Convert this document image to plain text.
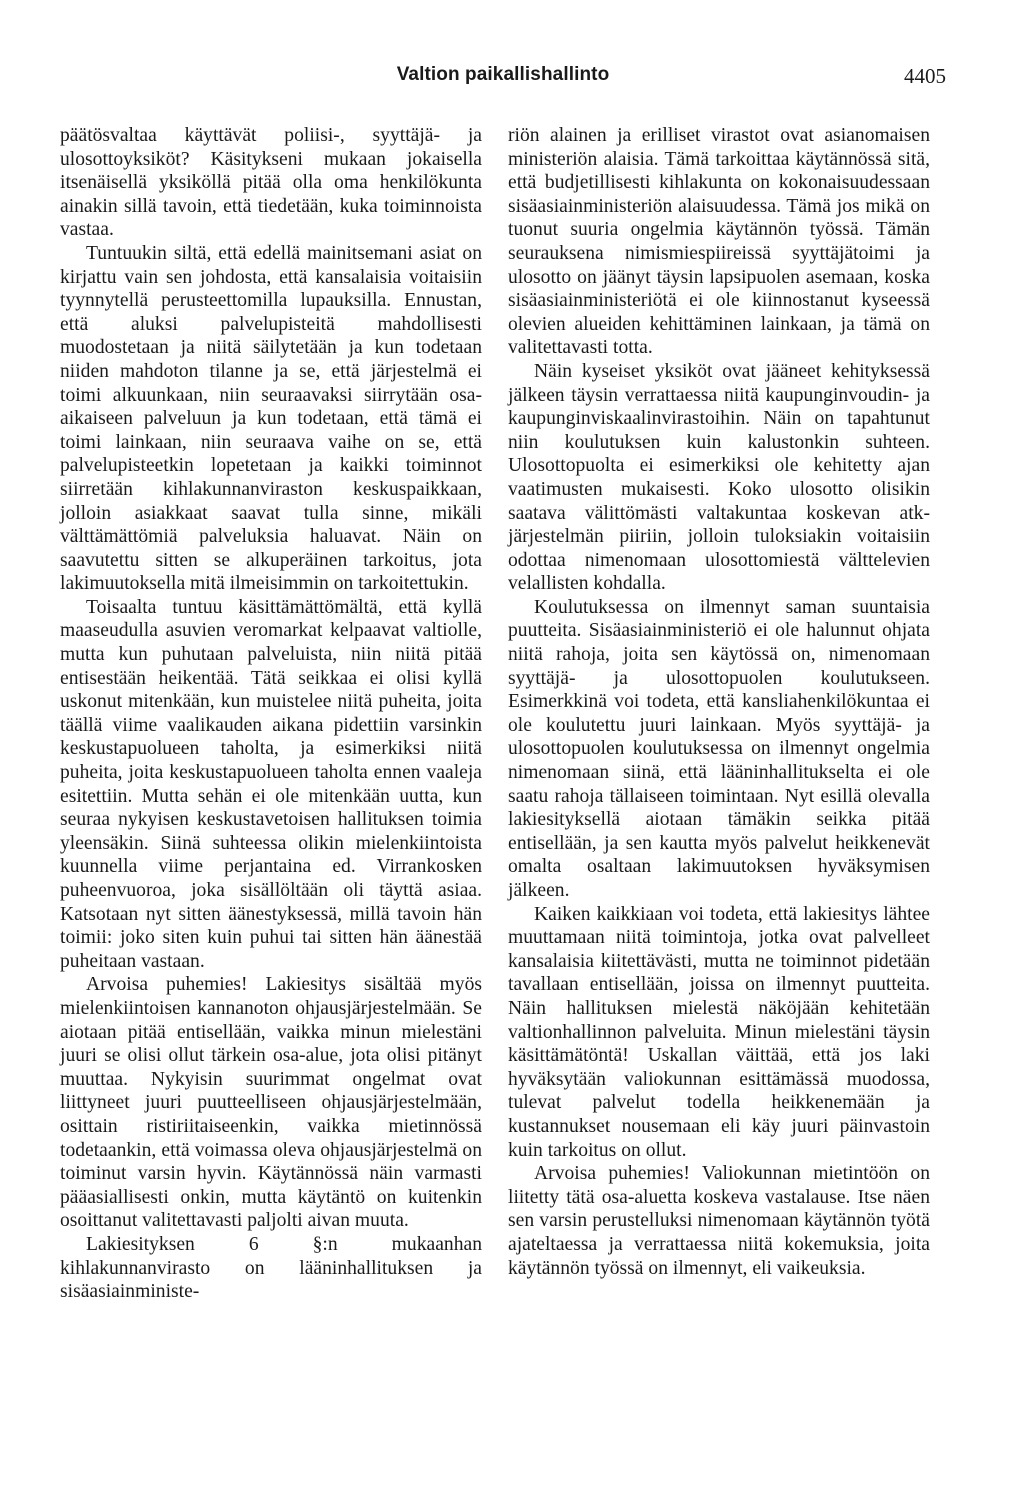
Valtion paikallishallinto	4405

päätösvaltaa käyttävät poliisi-, syyttäjä- ja ulosottoyksiköt? Käsitykseni mukaan jokaisella itsenäisellä yksiköllä pitää olla oma henkilökunta ainakin sillä tavoin, että tiedetään, kuka toiminnoista vastaa.

Tuntuukin siltä, että edellä mainitsemani asiat on kirjattu vain sen johdosta, että kansalaisia voitaisiin tyynnytellä perusteettomilla lupauksilla. Ennustan, että aluksi palvelupisteitä mahdollisesti muodostetaan ja niitä säilytetään ja kun todetaan niiden mahdoton tilanne ja se, että järjestelmä ei toimi alkuunkaan, niin seuraavaksi siirrytään osa-aikaiseen palveluun ja kun todetaan, että tämä ei toimi lainkaan, niin seuraava vaihe on se, että palvelupisteetkin lopetetaan ja kaikki toiminnot siirretään kihlakunnanviraston keskuspaikkaan, jolloin asiakkaat saavat tulla sinne, mikäli välttämättömiä palveluksia haluavat. Näin on saavutettu sitten se alkuperäinen tarkoitus, jota lakimuutoksella mitä ilmeisimmin on tarkoitettukin.

Toisaalta tuntuu käsittämättömältä, että kyllä maaseudulla asuvien veromarkat kelpaavat valtiolle, mutta kun puhutaan palveluista, niin niitä pitää entisestään heikentää. Tätä seikkaa ei olisi kyllä uskonut mitenkään, kun muistelee niitä puheita, joita täällä viime vaalikauden aikana pidettiin varsinkin keskustapuolueen taholta, ja esimerkiksi niitä puheita, joita keskustapuolueen taholta ennen vaaleja esitettiin. Mutta sehän ei ole mitenkään uutta, kun seuraa nykyisen keskustavetoisen hallituksen toimia yleensäkin. Siinä suhteessa olikin mielenkiintoista kuunnella viime perjantaina ed. Virrankosken puheenvuoroa, joka sisällöltään oli täyttä asiaa. Katsotaan nyt sitten äänestyksessä, millä tavoin hän toimii: joko siten kuin puhui tai sitten hän äänestää puheitaan vastaan.

Arvoisa puhemies! Lakiesitys sisältää myös mielenkiintoisen kannanoton ohjausjärjestelmään. Se aiotaan pitää entisellään, vaikka minun mielestäni juuri se olisi ollut tärkein osa-alue, jota olisi pitänyt muuttaa. Nykyisin suurimmat ongelmat ovat liittyneet juuri puutteelliseen ohjausjärjestelmään, osittain ristiriitaiseenkin, vaikka mietinnössä todetaankin, että voimassa oleva ohjausjärjestelmä on toiminut varsin hyvin. Käytännössä näin varmasti pääasiallisesti onkin, mutta käytäntö on kuitenkin osoittanut valitettavasti paljolti aivan muuta.

Lakiesityksen 6 §:n mukaanhan kihlakunnanvirasto on lääninhallituksen ja sisäasiainministe-

riön alainen ja erilliset virastot ovat asianomaisen ministeriön alaisia. Tämä tarkoittaa käytännössä sitä, että budjetillisesti kihlakunta on kokonaisuudessaan sisäasiainministeriön alaisuudessa. Tämä jos mikä on tuonut suuria ongelmia käytännön työssä. Tämän seurauksena nimismiespiireissä syyttäjätoimi ja ulosotto on jäänyt täysin lapsipuolen asemaan, koska sisäasiainministeriötä ei ole kiinnostanut kyseessä olevien alueiden kehittäminen lainkaan, ja tämä on valitettavasti totta.

Näin kyseiset yksiköt ovat jääneet kehityksessä jälkeen täysin verrattaessa niitä kaupunginvoudin- ja kaupunginviskaalinvirastoihin. Näin on tapahtunut niin koulutuksen kuin kalustonkin suhteen. Ulosottopuolta ei esimerkiksi ole kehitetty ajan vaatimusten mukaisesti. Koko ulosotto olisikin saatava välittömästi valtakuntaa koskevan atk-järjestelmän piiriin, jolloin tuloksiakin voitaisiin odottaa nimenomaan ulosottomiestä välttelevien velallisten kohdalla.

Koulutuksessa on ilmennyt saman suuntaisia puutteita. Sisäasiainministeriö ei ole halunnut ohjata niitä rahoja, joita sen käytössä on, nimenomaan syyttäjä- ja ulosottopuolen koulutukseen. Esimerkkinä voi todeta, että kansliahenkilökuntaa ei ole koulutettu juuri lainkaan. Myös syyttäjä- ja ulosottopuolen koulutuksessa on ilmennyt ongelmia nimenomaan siinä, että lääninhallitukselta ei ole saatu rahoja tällaiseen toimintaan. Nyt esillä olevalla lakiesityksellä aiotaan tämäkin seikka pitää entisellään, ja sen kautta myös palvelut heikkenevät omalta osaltaan lakimuutoksen hyväksymisen jälkeen.

Kaiken kaikkiaan voi todeta, että lakiesitys lähtee muuttamaan niitä toimintoja, jotka ovat palvelleet kansalaisia kiitettävästi, mutta ne toiminnot pidetään tavallaan entisellään, joissa on ilmennyt puutteita. Näin hallituksen mielestä näköjään kehitetään valtionhallinnon palveluita. Minun mielestäni täysin käsittämätöntä! Uskallan väittää, että jos laki hyväksytään valiokunnan esittämässä muodossa, tulevat palvelut todella heikkenemään ja kustannukset nousemaan eli käy juuri päinvastoin kuin tarkoitus on ollut.

Arvoisa puhemies! Valiokunnan mietintöön on liitetty tätä osa-aluetta koskeva vastalause. Itse näen sen varsin perustelluksi nimenomaan käytännön työtä ajateltaessa ja verrattaessa niitä kokemuksia, joita käytännön työssä on ilmennyt, eli vaikeuksia.
